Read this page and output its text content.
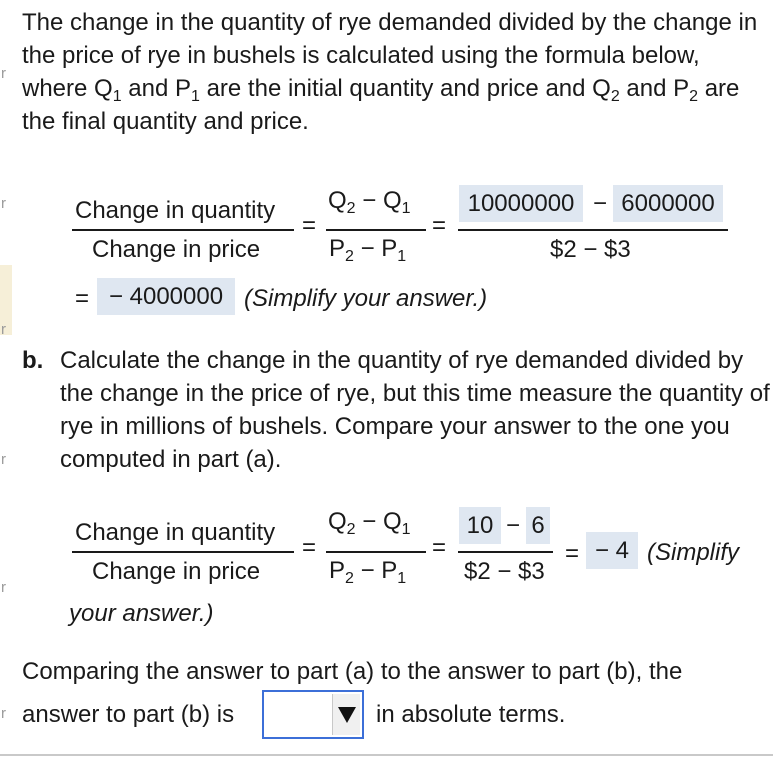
r
r
r
r
r
r
The change in the quantity of rye demanded divided by the change in the price of rye in bushels is calculated using the formula below, where $Q_1$ and $P_1$ are the initial quantity and price and $Q_2$ and $P_2$ are the final quantity and price.
Change in quantity
Change in price
=
$Q_2 - Q_1$
$P_2 - P_1$
=
10000000 − 6000000
$2 − $3
= − 4000000 (Simplify your answer.)
b. Calculate the change in the quantity of rye demanded divided by the change in the price of rye, but this time measure the quantity of rye in millions of bushels. Compare your answer to the one you computed in part (a).
Change in quantity
Change in price
=
$Q_2 - Q_1$
$P_2 - P_1$
=
10 − 6
$2 − $3
= − 4 (Simplify
your answer.)
Comparing the answer to part (a) to the answer to part (b), the
answer to part (b) is	in absolute terms.
